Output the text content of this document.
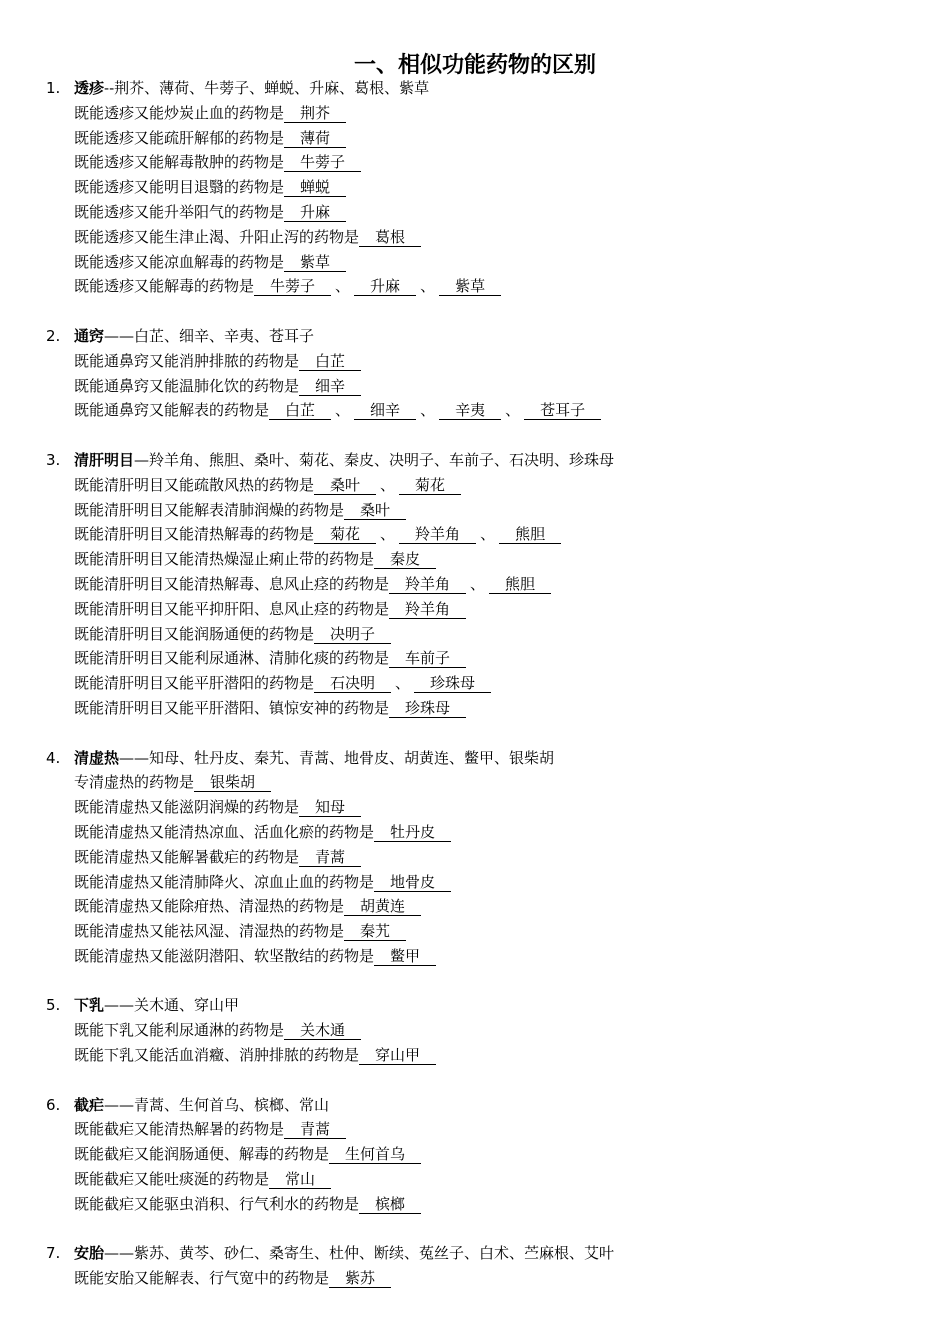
一、相似功能药物的区别
1. 透疹--荆芥、薄荷、牛蒡子、蝉蜕、升麻、葛根、紫草
既能透疹又能炒炭止血的药物是 荆芥
既能透疹又能疏肝解郁的药物是 薄荷
既能透疹又能解毒散肿的药物是 牛蒡子
既能透疹又能明目退翳的药物是 蝉蜕
既能透疹又能升举阳气的药物是 升麻
既能透疹又能生津止渴、升阳止泻的药物是 葛根
既能透疹又能凉血解毒的药物是 紫草
既能透疹又能解毒的药物是 牛蒡子 、 升麻 、 紫草
2. 通窍——白芷、细辛、辛夷、苍耳子
既能通鼻窍又能消肿排脓的药物是 白芷
既能通鼻窍又能温肺化饮的药物是 细辛
既能通鼻窍又能解表的药物是 白芷 、 细辛 、 辛夷 、 苍耳子
3. 清肝明目—羚羊角、熊胆、桑叶、菊花、秦皮、决明子、车前子、石决明、珍珠母
既能清肝明目又能疏散风热的药物是 桑叶 、 菊花
既能清肝明目又能解表清肺润燥的药物是 桑叶
既能清肝明目又能清热解毒的药物是 菊花 、 羚羊角 、 熊胆
既能清肝明目又能清热燥湿止痢止带的药物是 秦皮
既能清肝明目又能清热解毒、息风止痉的药物是 羚羊角 、 熊胆
既能清肝明目又能平抑肝阳、息风止痉的药物是 羚羊角
既能清肝明目又能润肠通便的药物是 决明子
既能清肝明目又能利尿通淋、清肺化痰的药物是 车前子
既能清肝明目又能平肝潜阳的药物是 石决明 、 珍珠母
既能清肝明目又能平肝潜阳、镇惊安神的药物是 珍珠母
4. 清虚热——知母、牡丹皮、秦艽、青蒿、地骨皮、胡黄连、鳖甲、银柴胡
专清虚热的药物是 银柴胡
既能清虚热又能滋阴润燥的药物是 知母
既能清虚热又能清热凉血、活血化瘀的药物是 牡丹皮
既能清虚热又能解暑截疟的药物是 青蒿
既能清虚热又能清肺降火、凉血止血的药物是 地骨皮
既能清虚热又能除疳热、清湿热的药物是 胡黄连
既能清虚热又能祛风湿、清湿热的药物是 秦艽
既能清虚热又能滋阴潜阳、软坚散结的药物是 鳖甲
5. 下乳——关木通、穿山甲
既能下乳又能利尿通淋的药物是 关木通
既能下乳又能活血消癥、消肿排脓的药物是 穿山甲
6. 截疟——青蒿、生何首乌、槟榔、常山
既能截疟又能清热解暑的药物是 青蒿
既能截疟又能润肠通便、解毒的药物是 生何首乌
既能截疟又能吐痰涎的药物是 常山
既能截疟又能驱虫消积、行气利水的药物是 槟榔
7. 安胎——紫苏、黄芩、砂仁、桑寄生、杜仲、断续、菟丝子、白术、苎麻根、艾叶
既能安胎又能解表、行气宽中的药物是 紫苏
